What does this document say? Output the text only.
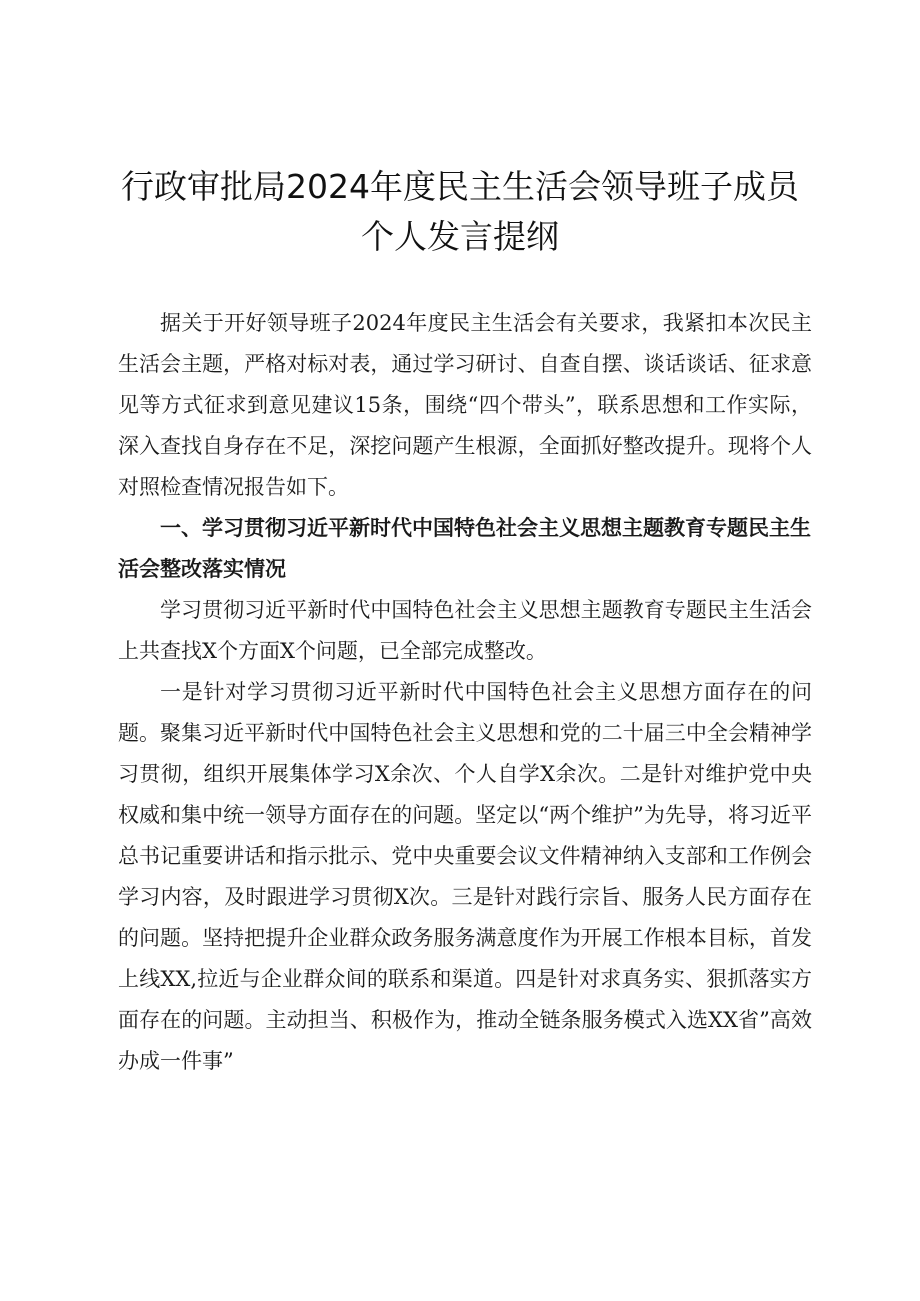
行政审批局2024年度民主生活会领导班子成员个人发言提纲

据关于开好领导班子2024年度民主生活会有关要求，我紧扣本次民主生活会主题，严格对标对表，通过学习研讨、自查自摆、谈话谈话、征求意见等方式征求到意见建议15条，围绕“四个带头”，联系思想和工作实际，深入查找自身存在不足，深挖问题产生根源，全面抓好整改提升。现将个人对照检查情况报告如下。

一、学习贯彻习近平新时代中国特色社会主义思想主题教育专题民主生活会整改落实情况

学习贯彻习近平新时代中国特色社会主义思想主题教育专题民主生活会上共查找X个方面X个问题，已全部完成整改。

一是针对学习贯彻习近平新时代中国特色社会主义思想方面存在的问题。聚集习近平新时代中国特色社会主义思想和党的二十届三中全会精神学习贯彻，组织开展集体学习X余次、个人自学X余次。二是针对维护党中央权威和集中统一领导方面存在的问题。坚定以“两个维护”为先导，将习近平总书记重要讲话和指示批示、党中央重要会议文件精神纳入支部和工作例会学习内容，及时跟进学习贯彻X次。三是针对践行宗旨、服务人民方面存在的问题。坚持把提升企业群众政务服务满意度作为开展工作根本目标，首发上线XX,拉近与企业群众间的联系和渠道。四是针对求真务实、狠抓落实方面存在的问题。主动担当、积极作为，推动全链条服务模式入选XX省”高效办成一件事”
